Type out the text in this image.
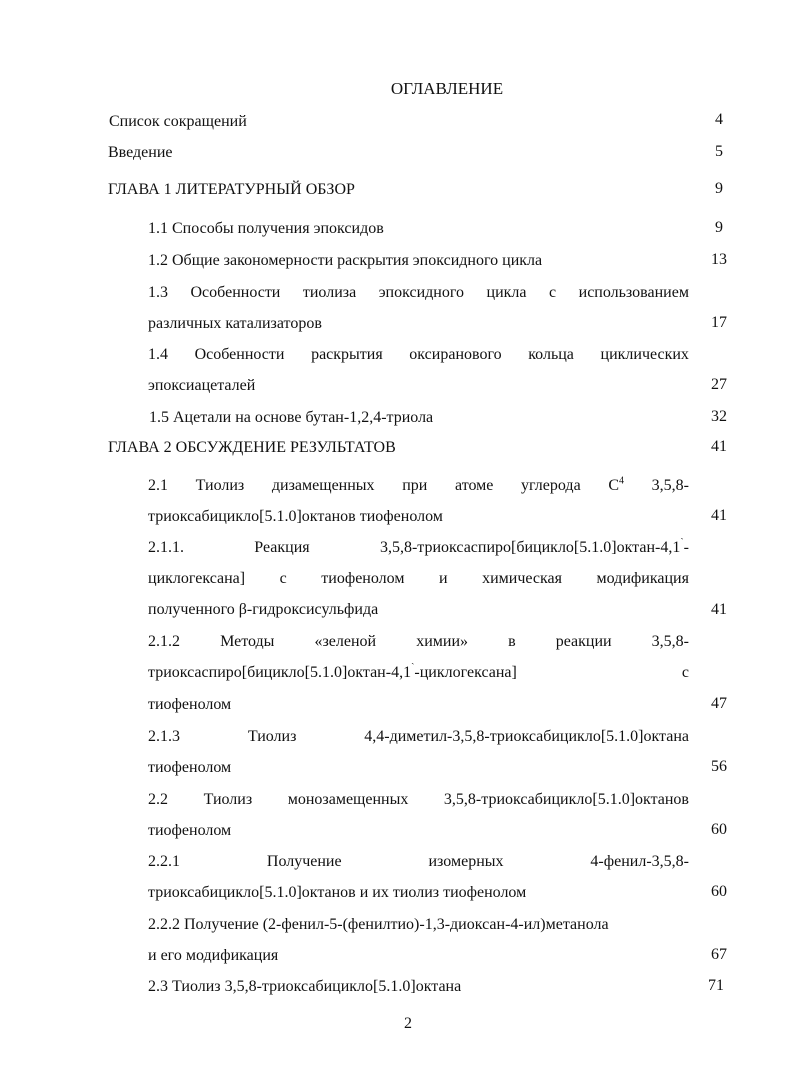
ОГЛАВЛЕНИЕ
Список сокращений	4
Введение	5
ГЛАВА 1 ЛИТЕРАТУРНЫЙ ОБЗОР	9
1.1 Способы получения эпоксидов	9
1.2 Общие закономерности раскрытия эпоксидного цикла	13
1.3 Особенности тиолиза эпоксидного цикла с использованием
различных катализаторов	17
1.4 Особенности раскрытия оксиранового кольца циклических
эпоксиацеталей	27
1.5 Ацетали на основе бутан-1,2,4-триола	32
ГЛАВА 2 ОБСУЖДЕНИЕ РЕЗУЛЬТАТОВ	41
2.1 Тиолиз дизамещенных при атоме углерода $C^4$ 3,5,8-
триоксабицикло[5.1.0]октанов тиофенолом	41
2.1.1.	Реакция	3,5,8-триоксаспиро[бицикло[5.1.0]октан-4,1`-
циклогексана] с тиофенолом и химическая модификация
полученного β-гидроксисульфида	41
2.1.2	Методы	«зеленой	химии»	в	реакции	3,5,8-
триоксаспиро[бицикло[5.1.0]октан-4,1`-циклогексана]	с
тиофенолом	47
2.1.3	Тиолиз	4,4-диметил-3,5,8-триоксабицикло[5.1.0]октана
тиофенолом	56
2.2 Тиолиз монозамещенных 3,5,8-триоксабицикло[5.1.0]октанов
тиофенолом	60
2.2.1	Получение	изомерных	4-фенил-3,5,8-
триоксабицикло[5.1.0]октанов и их тиолиз тиофенолом	60
2.2.2 Получение (2-фенил-5-(фенилтио)-1,3-диоксан-4-ил)метанола
и его модификация	67
2.3 Тиолиз 3,5,8-триоксабицикло[5.1.0]октана	71
2
